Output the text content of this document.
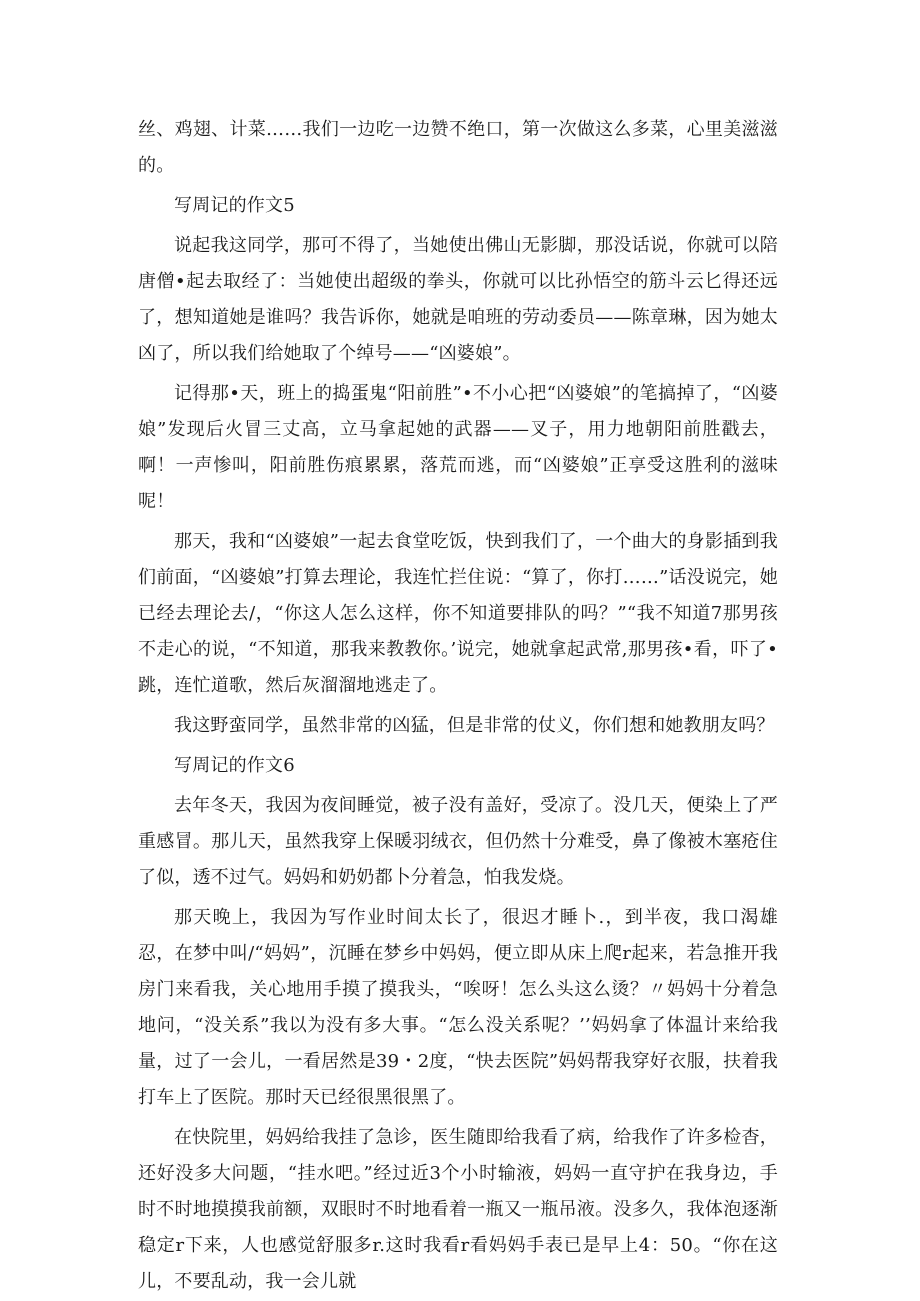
丝、鸡翅、计菜……我们一边吃一边赞不绝口，第一次做这么多菜，心里美滋滋的。

写周记的作文5

说起我这同学，那可不得了，当她使出佛山无影脚，那没话说，你就可以陪唐僧•起去取经了：当她使出超级的拳头，你就可以比孙悟空的筋斗云匕得还远了，想知道她是谁吗？我告诉你，她就是咱班的劳动委员——陈章琳，因为她太凶了，所以我们给她取了个绰号——“凶婆娘”。

记得那•天，班上的捣蛋鬼“阳前胜”•不小心把“凶婆娘”的笔搞掉了，“凶婆娘”发现后火冒三丈高，立马拿起她的武器——叉子，用力地朝阳前胜戳去，啊！一声惨叫，阳前胜伤痕累累，落荒而逃，而“凶婆娘”正享受这胜利的滋味呢！

那天，我和“凶婆娘”一起去食堂吃饭，快到我们了，一个曲大的身影插到我们前面，“凶婆娘”打算去理论，我连忙拦住说：“算了，你打……”话没说完，她已经去理论去/，“你这人怎么这样，你不知道要排队的吗？”“我不知道7那男孩不走心的说，“不知道，那我来教教你。’说完，她就拿起武常,那男孩•看，吓了•跳，连忙道歌，然后灰溜溜地逃走了。

我这野蛮同学，虽然非常的凶猛，但是非常的仗义，你们想和她教朋友吗？

写周记的作文6

去年冬天，我因为夜间睡觉，被子没有盖好，受凉了。没几天，便染上了严重感冒。那儿天，虽然我穿上保暖羽绒衣，但仍然十分难受，鼻了像被木塞疮住了似，透不过气。妈妈和奶奶都卜分着急，怕我发烧。

那天晚上，我因为写作业时间太长了，很迟才睡卜.，到半夜，我口渴雄忍，在梦中叫/“妈妈”，沉睡在梦乡中妈妈，便立即从床上爬r起来，若急推开我房门来看我，关心地用手摸了摸我头，“唉呀！怎么头这么烫？〃妈妈十分着急地问，“没关系”我以为没有多大事。“怎么没关系呢？’’妈妈拿了体温计来给我量，过了一会儿，一看居然是39・2度，“快去医院”妈妈帮我穿好衣服，扶着我打车上了医院。那时天已经很黑很黑了。

在快院里，妈妈给我挂了急诊，医生随即给我看了病，给我作了许多检杳，还好没多大问题，“挂水吧。”经过近3个小时输液，妈妈一直守护在我身边，手时不时地摸摸我前额，双眼时不时地看着一瓶又一瓶吊液。没多久，我体泡逐渐稳定r下来，人也感觉舒服多r.这时我看r看妈妈手表已是早上4：50。“你在这儿，不要乱动，我一会儿就
